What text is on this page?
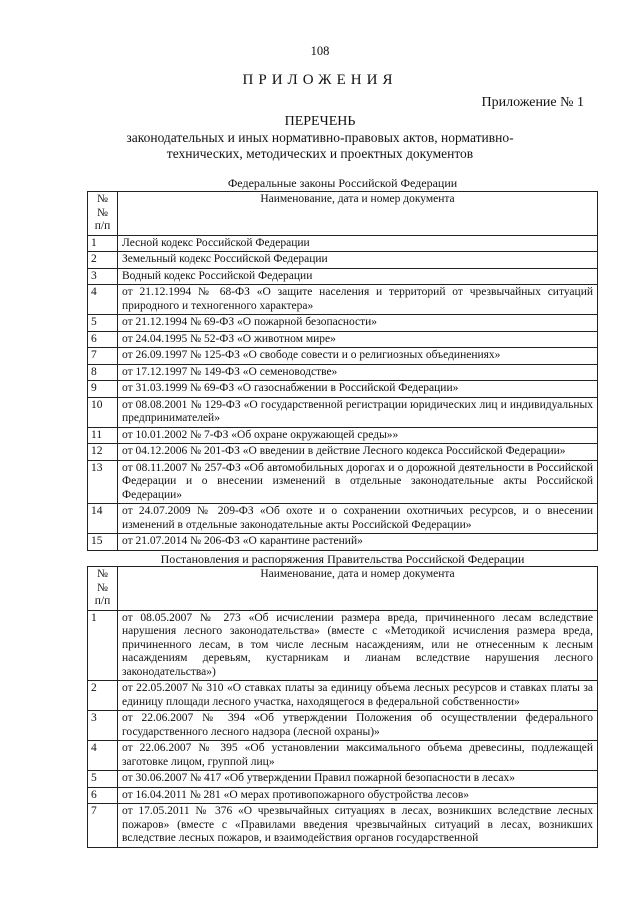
108
ПРИЛОЖЕНИЯ
Приложение № 1
ПЕРЕЧЕНЬ
законодательных и иных нормативно-правовых актов, нормативно-
технических, методических и проектных документов
Федеральные законы Российской Федерации
№№
п/п	Наименование, дата и номер документа
1	Лесной кодекс Российской Федерации
2	Земельный кодекс Российской Федерации
3	Водный кодекс Российской Федерации
4	от 21.12.1994 № 68-ФЗ «О защите населения и территорий от чрезвычайных ситуаций природного и техногенного характера»
5	от 21.12.1994 № 69-ФЗ «О пожарной безопасности»
6	от 24.04.1995 № 52-ФЗ «О животном мире»
7	от 26.09.1997 № 125-ФЗ «О свободе совести и о религиозных объединениях»
8	от 17.12.1997 № 149-ФЗ «О семеноводстве»
9	от 31.03.1999 № 69-ФЗ «О газоснабжении в Российской Федерации»
10	от 08.08.2001 № 129-ФЗ «О государственной регистрации юридических лиц и индивидуальных предпринимателей»
11	от 10.01.2002 № 7-ФЗ «Об охране окружающей среды»»
12	от 04.12.2006 № 201-ФЗ «О введении в действие Лесного кодекса Российской Федерации»
13	от 08.11.2007 № 257-ФЗ «Об автомобильных дорогах и о дорожной деятельности в Российской Федерации и о внесении изменений в отдельные законодательные акты Российской Федерации»
14	от 24.07.2009 № 209-ФЗ «Об охоте и о сохранении охотничьих ресурсов, и о внесении изменений в отдельные законодательные акты Российской Федерации»
15	от 21.07.2014 № 206-ФЗ «О карантине растений»
Постановления и распоряжения Правительства Российской Федерации
№№
п/п	Наименование, дата и номер документа
1	от 08.05.2007 № 273 «Об исчислении размера вреда, причиненного лесам вследствие нарушения лесного законодательства» (вместе с «Методикой исчисления размера вреда, причиненного лесам, в том числе лесным насаждениям, или не отнесенным к лесным насаждениям деревьям, кустарникам и лианам вследствие нарушения лесного законодательства»)
2	от 22.05.2007 № 310 «О ставках платы за единицу объема лесных ресурсов и ставках платы за единицу площади лесного участка, находящегося в федеральной собственности»
3	от 22.06.2007 № 394 «Об утверждении Положения об осуществлении федерального государственного лесного надзора (лесной охраны)»
4	от 22.06.2007 № 395 «Об установлении максимального объема древесины, подлежащей заготовке лицом, группой лиц»
5	от 30.06.2007 № 417 «Об утверждении Правил пожарной безопасности в лесах»
6	от 16.04.2011 № 281 «О мерах противопожарного обустройства лесов»
7	от 17.05.2011 № 376 «О чрезвычайных ситуациях в лесах, возникших вследствие лесных пожаров» (вместе с «Правилами введения чрезвычайных ситуаций в лесах, возникших вследствие лесных пожаров, и взаимодействия органов государственной
